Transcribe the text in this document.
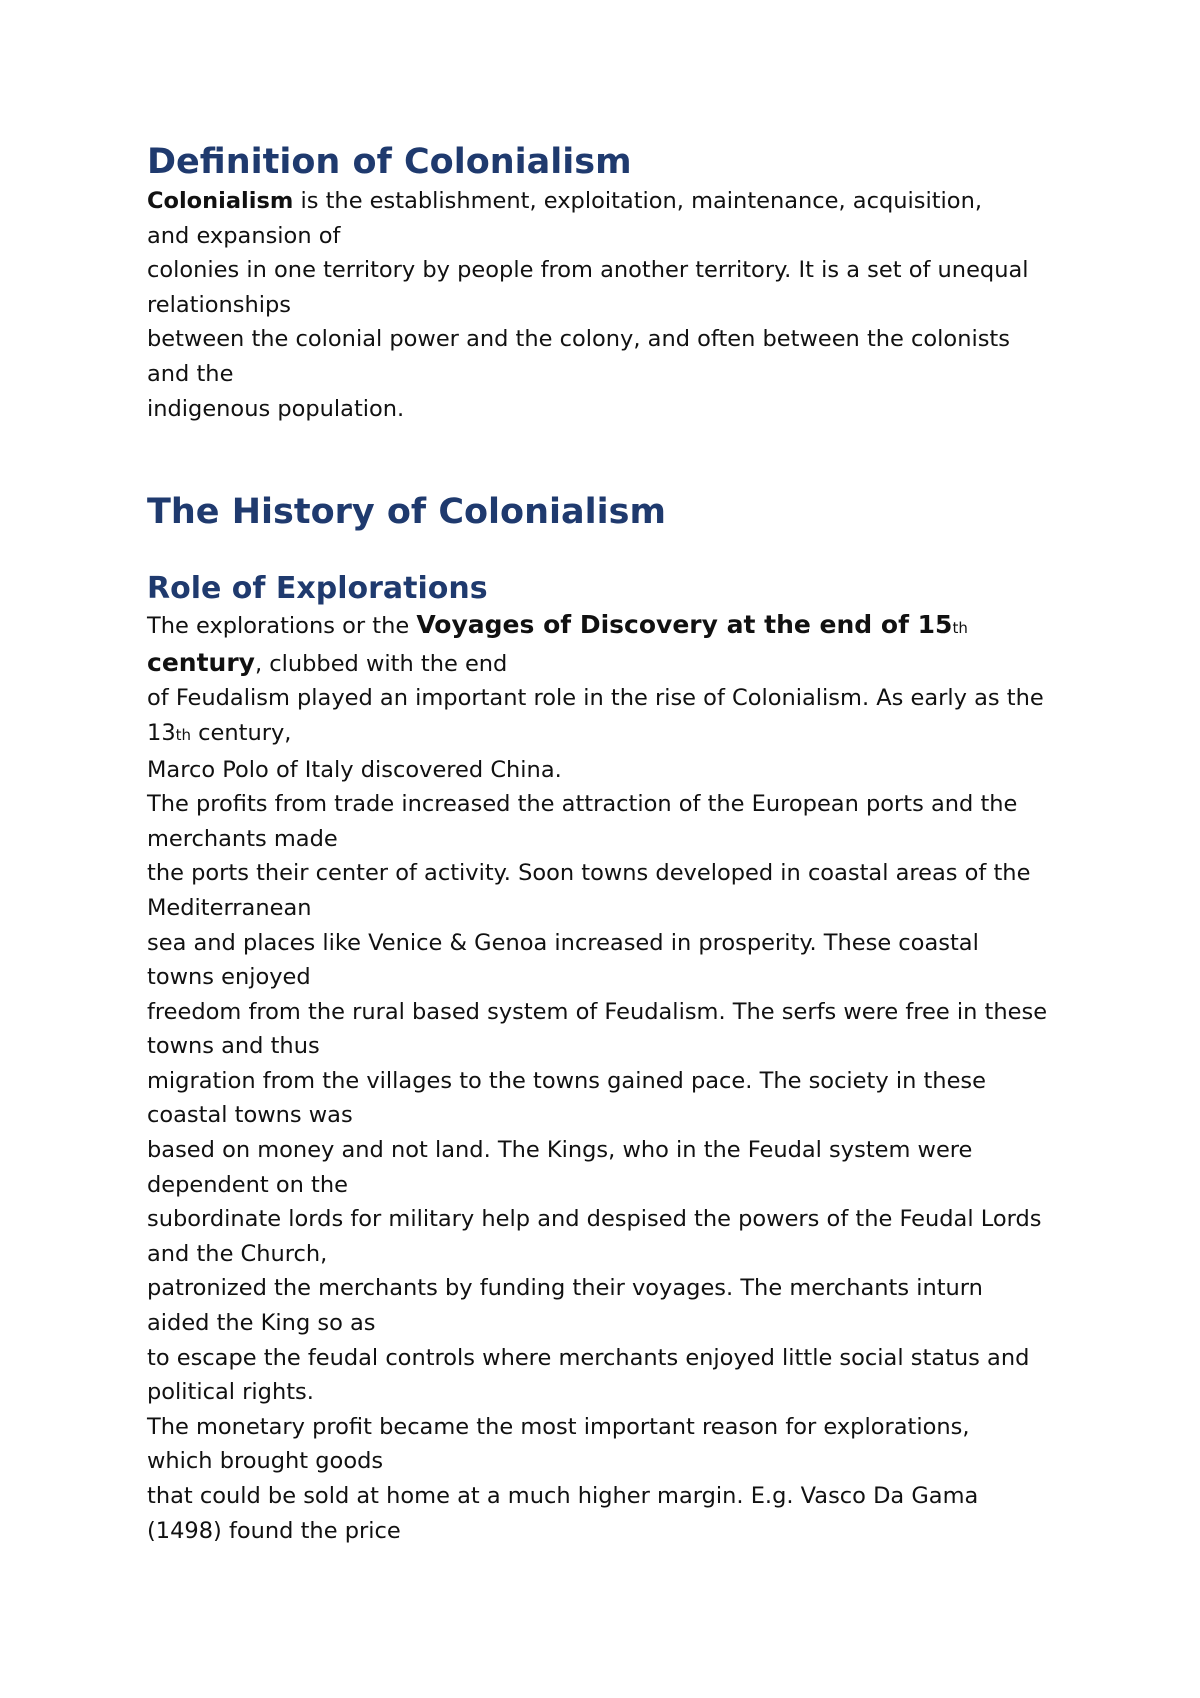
Definition of Colonialism
Colonialism is the establishment, exploitation, maintenance, acquisition,
and expansion of
colonies in one territory by people from another territory. It is a set of unequal
relationships
between the colonial power and the colony, and often between the colonists
and the
indigenous population.
The History of Colonialism
Role of Explorations
The explorations or the Voyages of Discovery at the end of 15th
century, clubbed with the end
of Feudalism played an important role in the rise of Colonialism. As early as the
13th century,
Marco Polo of Italy discovered China.
The profits from trade increased the attraction of the European ports and the
merchants made
the ports their center of activity. Soon towns developed in coastal areas of the
Mediterranean
sea and places like Venice & Genoa increased in prosperity. These coastal
towns enjoyed
freedom from the rural based system of Feudalism. The serfs were free in these
towns and thus
migration from the villages to the towns gained pace. The society in these
coastal towns was
based on money and not land. The Kings, who in the Feudal system were
dependent on the
subordinate lords for military help and despised the powers of the Feudal Lords
and the Church,
patronized the merchants by funding their voyages. The merchants inturn
aided the King so as
to escape the feudal controls where merchants enjoyed little social status and
political rights.
The monetary profit became the most important reason for explorations,
which brought goods
that could be sold at home at a much higher margin. E.g. Vasco Da Gama
(1498) found the price
